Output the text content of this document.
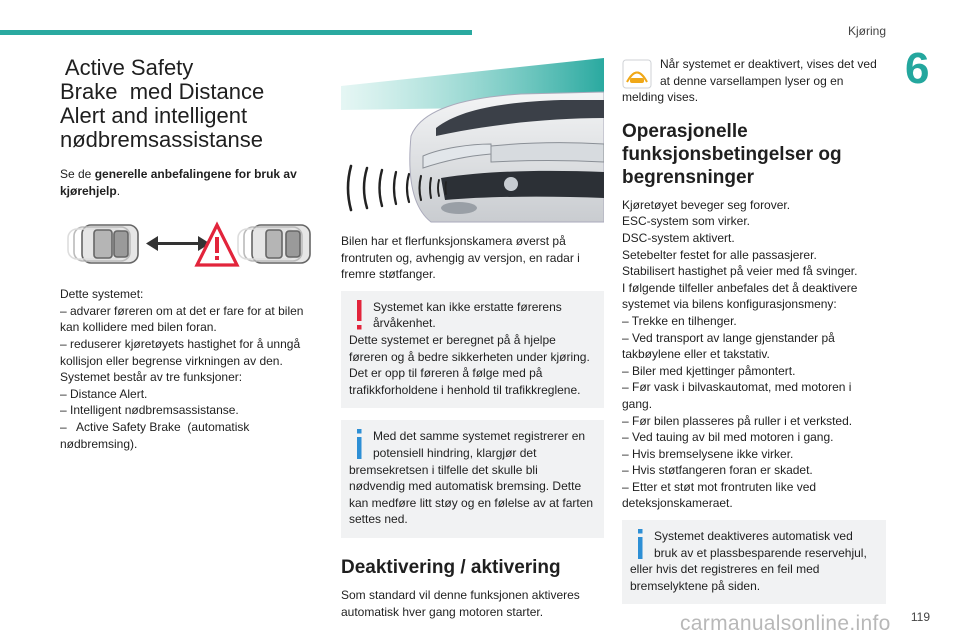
Kjøring
6
Active Safety
Brake  med Distance
Alert and intelligent
nødbremsassistanse

Se de generelle anbefalingene for bruk av kjørehjelp.

Dette systemet:

– advarer føreren om at det er fare for at bilen

kan kollidere med bilen foran.

– reduserer kjøretøyets hastighet for å unngå

kollisjon eller begrense virkningen av den.

Systemet består av tre funksjoner:

– Distance Alert.

– Intelligent nødbremsassistanse.

–   Active Safety Brake  (automatisk

nødbremsing).

Bilen har et flerfunksjonskamera øverst på

frontruten og, avhengig av versjon, en radar i

fremre støtfanger.

Systemet kan ikke erstatte førerens

årvåkenhet.

Dette systemet er beregnet på å hjelpe

føreren og å bedre sikkerheten under kjøring.

Det er opp til føreren å følge med på

trafikkforholdene i henhold til trafikkreglene.

Med det samme systemet registrerer en

potensiell hindring, klargjør det

bremsekretsen i tilfelle det skulle bli

nødvendig med automatisk bremsing. Dette

kan medføre litt støy og en følelse av at farten

settes ned.

Deaktivering / aktivering

Som standard vil denne funksjonen aktiveres

automatisk hver gang motoren starter.

Når systemet er deaktivert, vises det ved

at denne varsellampen lyser og en

melding vises.

Operasjonelle
funksjonsbetingelser og
begrensninger

Kjøretøyet beveger seg forover.

ESC-system som virker.

DSC-system aktivert.

Setebelter festet for alle passasjerer.

Stabilisert hastighet på veier med få svinger.

I følgende tilfeller anbefales det å deaktivere

systemet via bilens konfigurasjonsmeny:

– Trekke en tilhenger.

– Ved transport av lange gjenstander på

takbøylene eller et takstativ.

– Biler med kjettinger påmontert.

– Før vask i bilvaskautomat, med motoren i

gang.

– Før bilen plasseres på ruller i et verksted.

– Ved tauing av bil med motoren i gang.

– Hvis bremselysene ikke virker.

– Hvis støtfangeren foran er skadet.

– Etter et støt mot frontruten like ved

deteksjonskameraet.

Systemet deaktiveres automatisk ved

bruk av et plassbesparende reservehjul,

eller hvis det registreres en feil med

bremselyktene på siden.

carmanualsonline.info 119
